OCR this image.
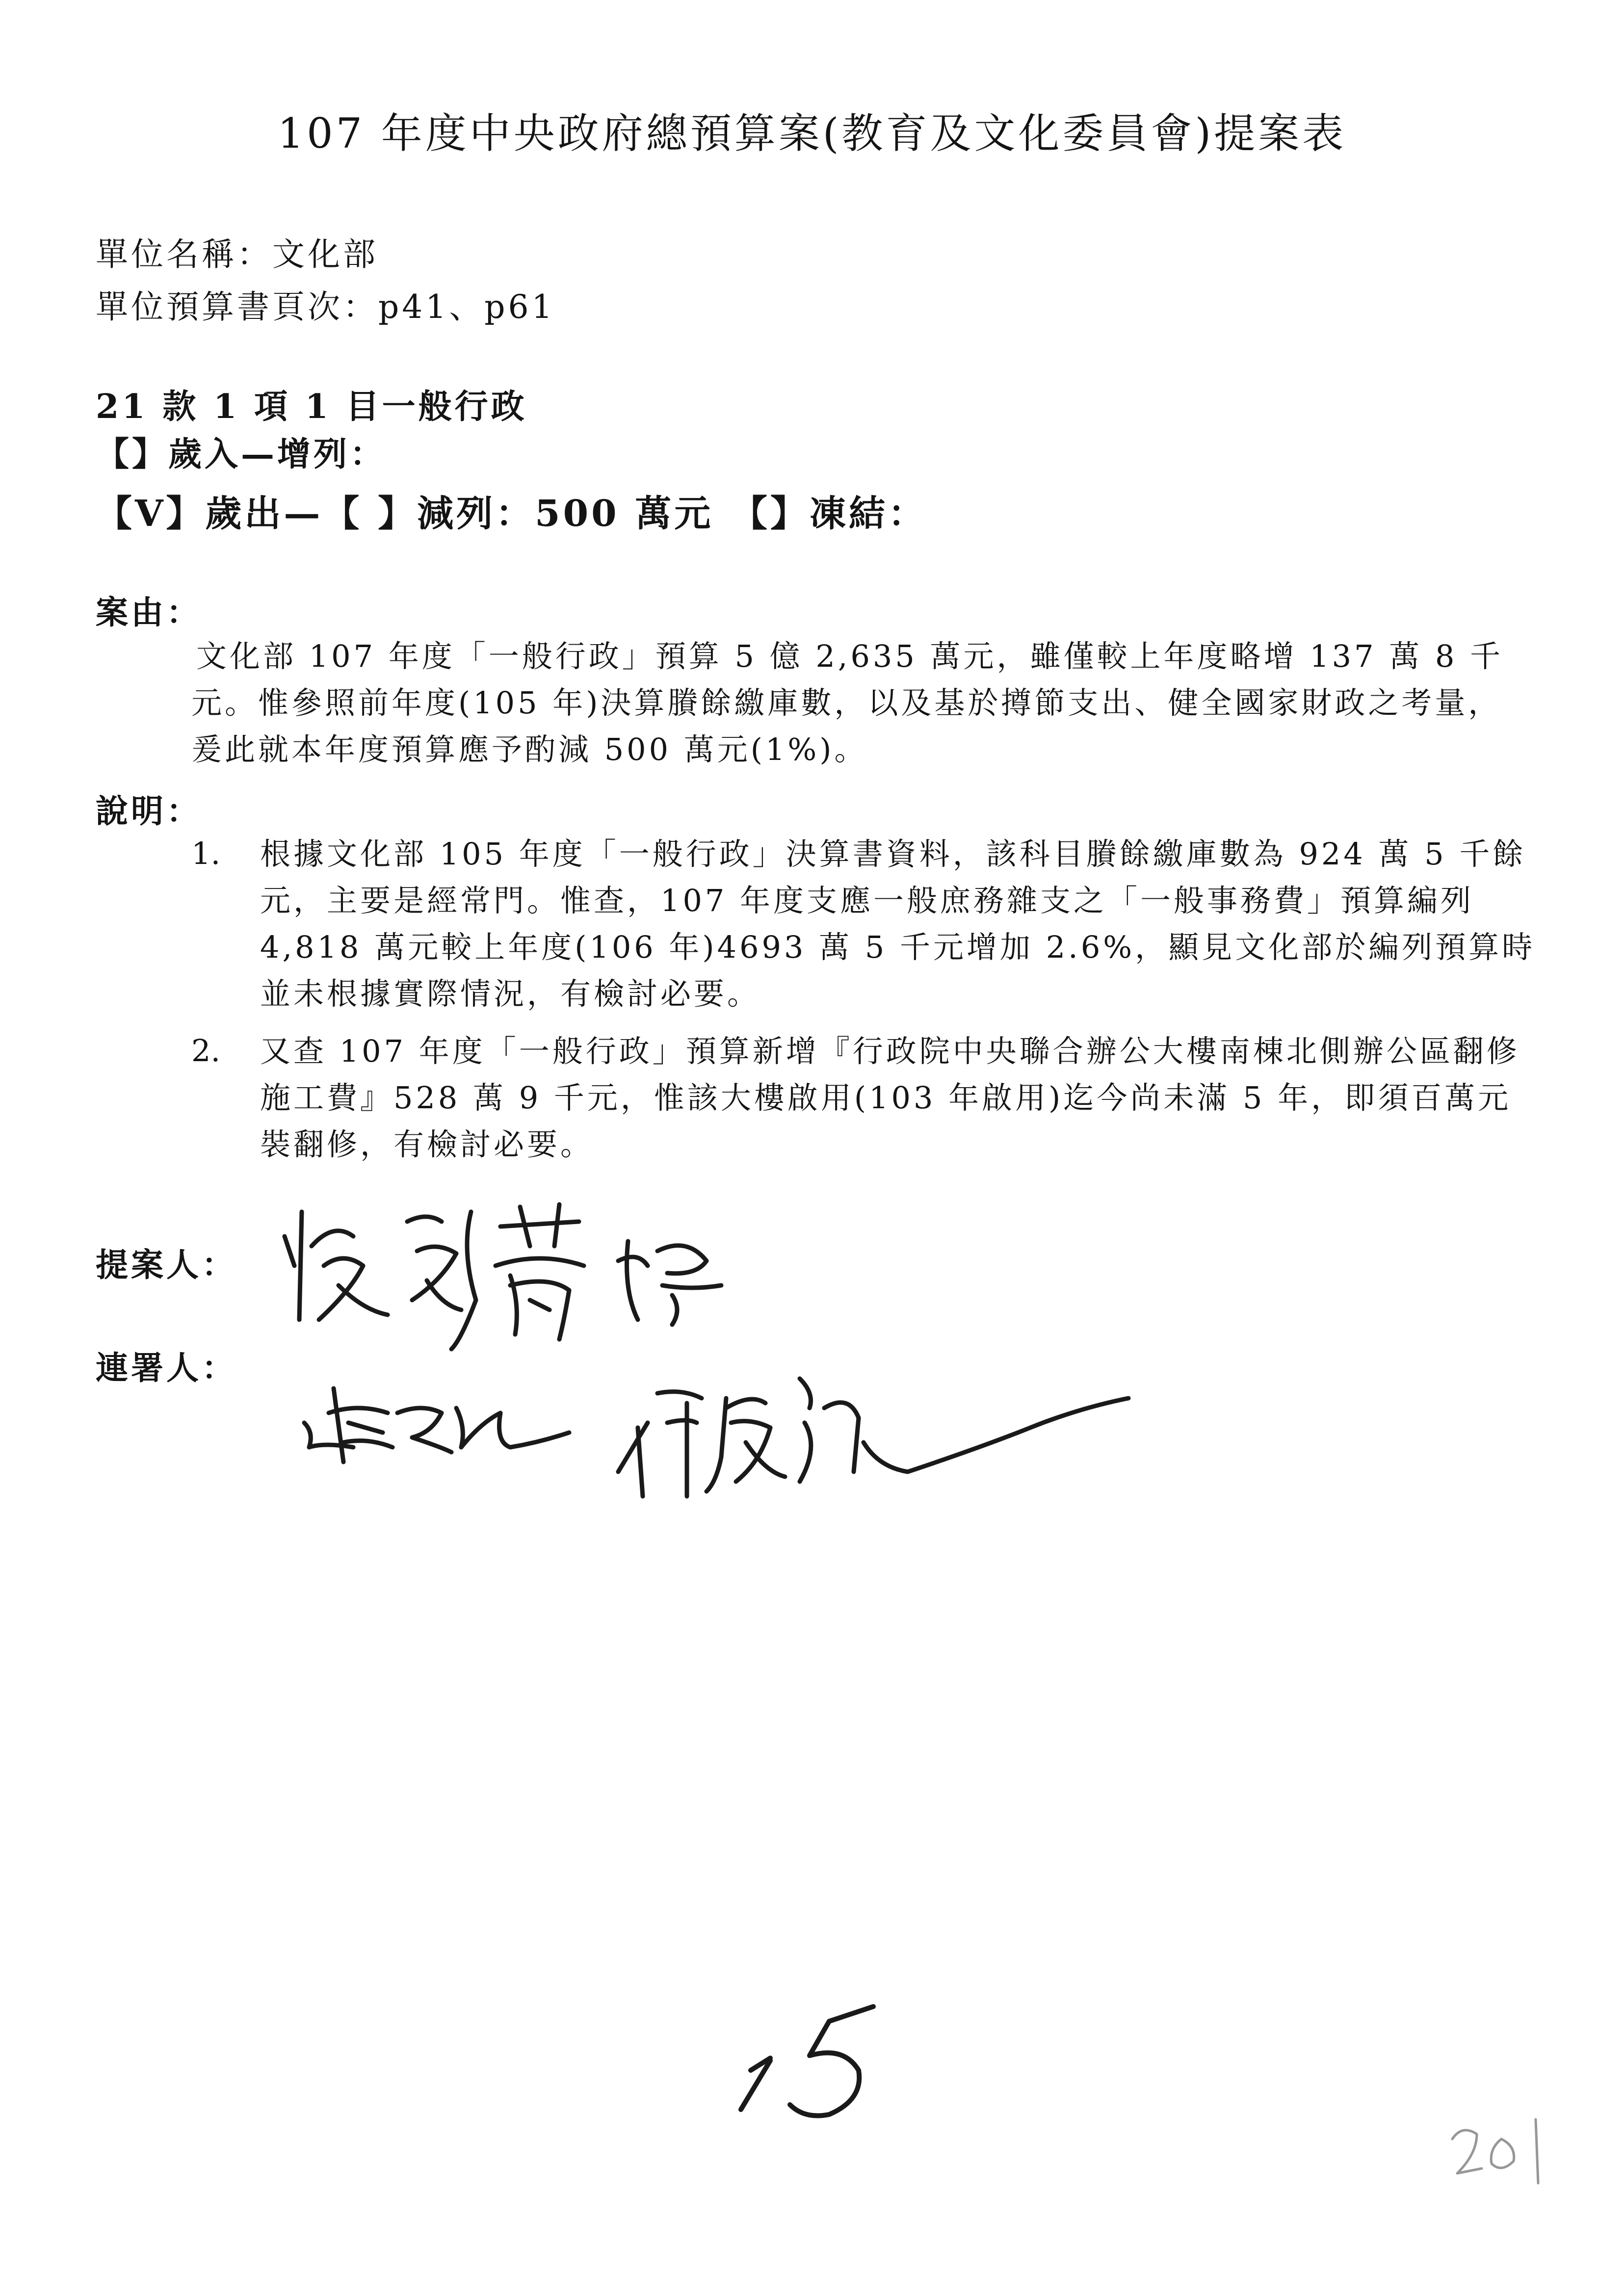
107 年度中央政府總預算案(教育及文化委員會)提案表
單位名稱：文化部
單位預算書頁次：p41、p61
21 款 1 項 1 目一般行政
【】歲入—增列：
【V】歲出—【 】減列：500 萬元 【】凍結：
案由：
文化部 107 年度「一般行政」預算 5 億 2,635 萬元，雖僅較上年度略增 137 萬 8 千元。惟參照前年度(105 年)決算賸餘繳庫數，以及基於撙節支出、健全國家財政之考量，爰此就本年度預算應予酌減 500 萬元(1%)。
說明：
1. 根據文化部 105 年度「一般行政」決算書資料，該科目賸餘繳庫數為 924 萬 5 千餘元，主要是經常門。惟查，107 年度支應一般庶務雜支之「一般事務費」預算編列 4,818 萬元較上年度(106 年)4693 萬 5 千元增加 2.6%，顯見文化部於編列預算時並未根據實際情況，有檢討必要。
2. 又查 107 年度「一般行政」預算新增『行政院中央聯合辦公大樓南棟北側辦公區翻修施工費』528 萬 9 千元，惟該大樓啟用(103 年啟用)迄今尚未滿 5 年，即須百萬元裝翻修，有檢討必要。
提案人：
連署人：
